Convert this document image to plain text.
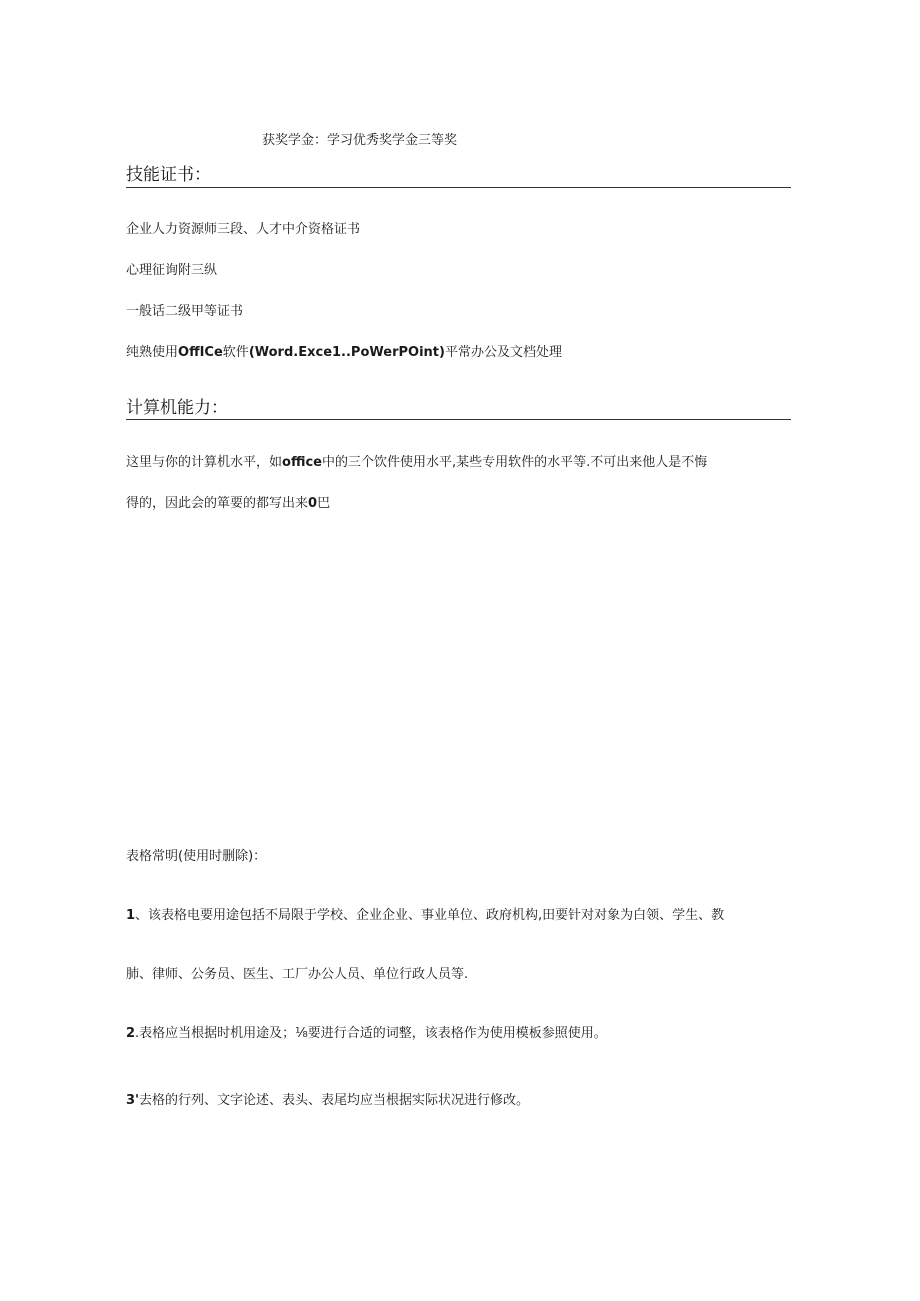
获奖学金：学习优秀奖学金三等奖
技能证书：
企业人力资源师三段、人才中介资格证书
心理征询附三纵
一般话二级甲等证书
纯熟使用OffICe软件(Word.Exce1..PoWerPOint)平常办公及文档处理
计算机能力：
这里与你的计算机水平，如office中的三个饮件使用水平,某些专用软件的水平等.不可出来他人是不悔
得的，因此会的箪要的都写出来0巴
表格常明(使用时删除)：
1、该表格电要用途包括不局限于学校、企业企业、事业单位、政府机构,田要针对对象为白领、学生、教
肺、律师、公务员、医生、工厂办公人员、单位行政人员等.
2.表格应当根据时机用途及；⅛要进行合适的词整，该表格作为使用模板参照使用。
3'去格的行列、文字论述、表头、表尾均应当根据实际状况进行修改。
